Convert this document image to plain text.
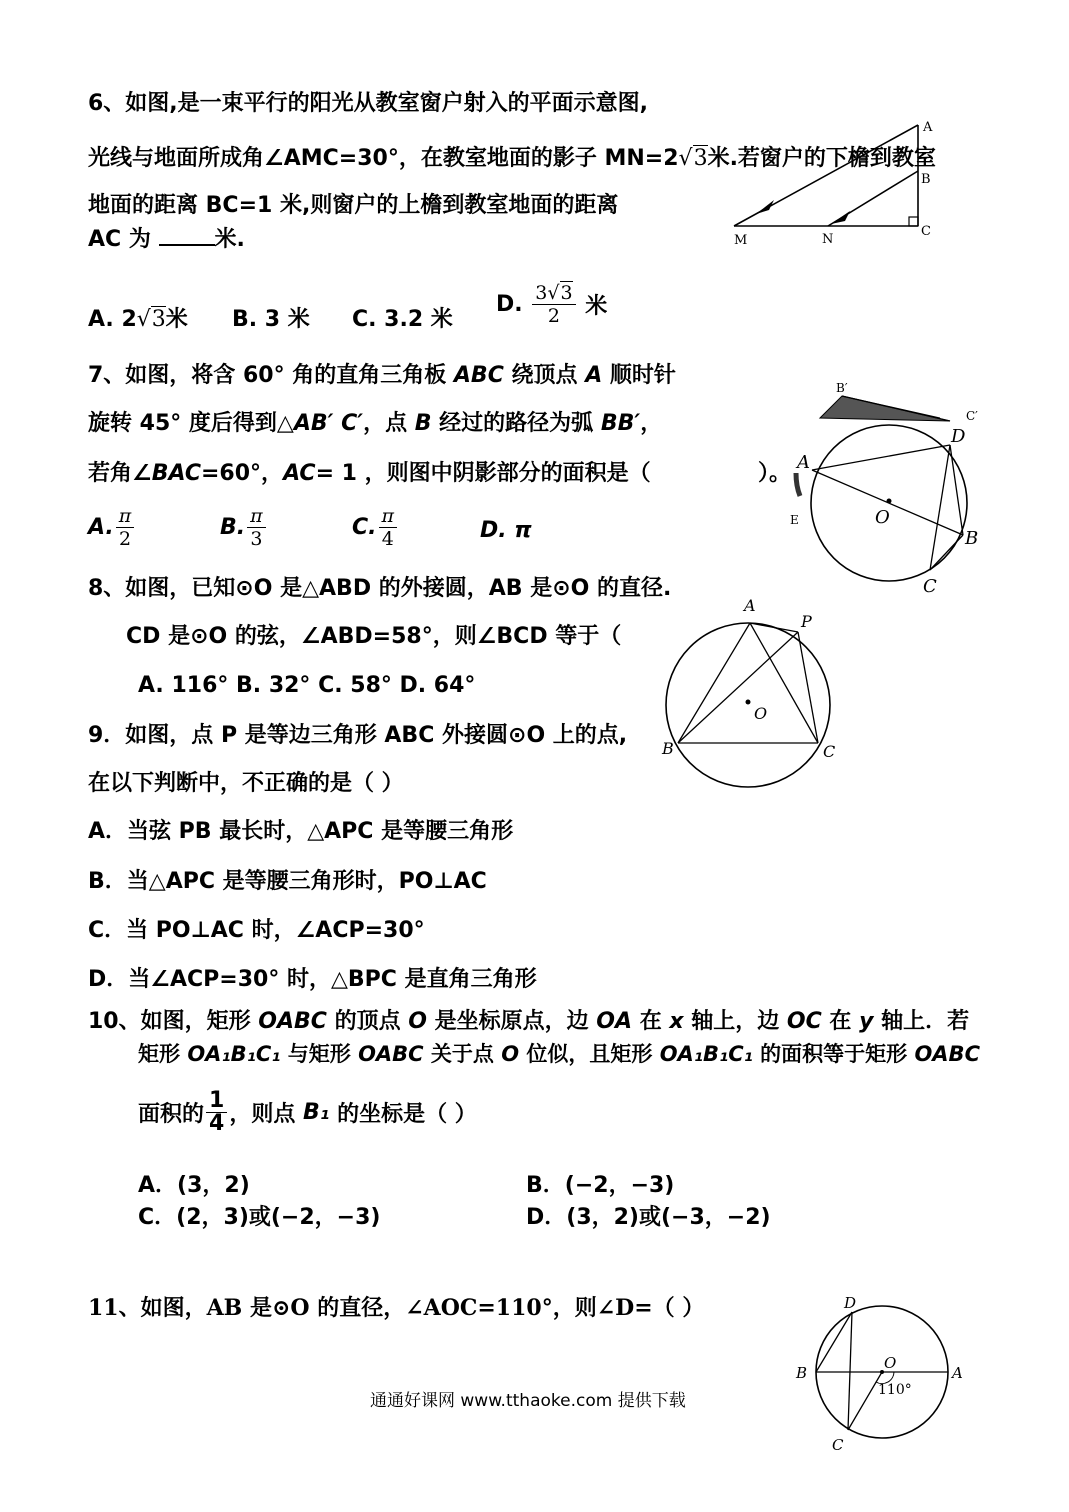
6、如图,是一束平行的阳光从教室窗户射入的平面示意图,
光线与地面所成角∠AMC=30°，在教室地面的影子 MN=2√3米.若窗户的下檐到教室
地面的距离 BC=1 米,则窗户的上檐到教室地面的距离
AC 为	米.
A. 2√3米 B. 3 米 C. 3.2 米
D. $\frac{3√3}{2}$ 米
A
B
C
M	N
7、如图，将含 60° 角的直角三角板 ABC 绕顶点 A 顺时针
旋转 45° 度后得到△AB′ C′，点 B 经过的路径为弧 BB′，
若角∠BAC=60°，AC= 1 ，则图中阴影部分的面积是（	）。
A. $\frac{\pi}{2}$	B. $\frac{\pi}{3}$	C. $\frac{\pi}{4}$	D. π
B′
C′
E
A
D
B
C
O
8、如图，已知⊙O 是△ABD 的外接圆，AB 是⊙O 的直径.
CD 是⊙O 的弦，∠ABD=58°，则∠BCD 等于（
A. 116° B. 32° C. 58° D. 64°
A
P
B	C
O
9．如图，点 P 是等边三角形 ABC 外接圆⊙O 上的点,
在以下判断中，不正确的是（ ）
A．当弦 PB 最长时，△APC 是等腰三角形
B．当△APC 是等腰三角形时，PO⊥AC
C．当 PO⊥AC 时，∠ACP=30°
D．当∠ACP=30° 时，△BPC 是直角三角形
10、如图，矩形 OABC 的顶点 O 是坐标原点，边 OA 在 x 轴上，边 OC 在 y 轴上．若
矩形 OA₁B₁C₁ 与矩形 OABC 关于点 O 位似，且矩形 OA₁B₁C₁ 的面积等于矩形 OABC
面积的 $\frac{1}{4}$ ，则点 B₁ 的坐标是（ ）
A．(3，2)	B．(−2，−3)
C．(2，3)或(−2，−3)	D．(3，2)或(−3，−2)
11、如图，AB 是⊙O 的直径，∠AOC=110°，则∠D=（ ）	D
B	A
O
C
110°
通通好课网 www.tthaoke.com 提供下载
